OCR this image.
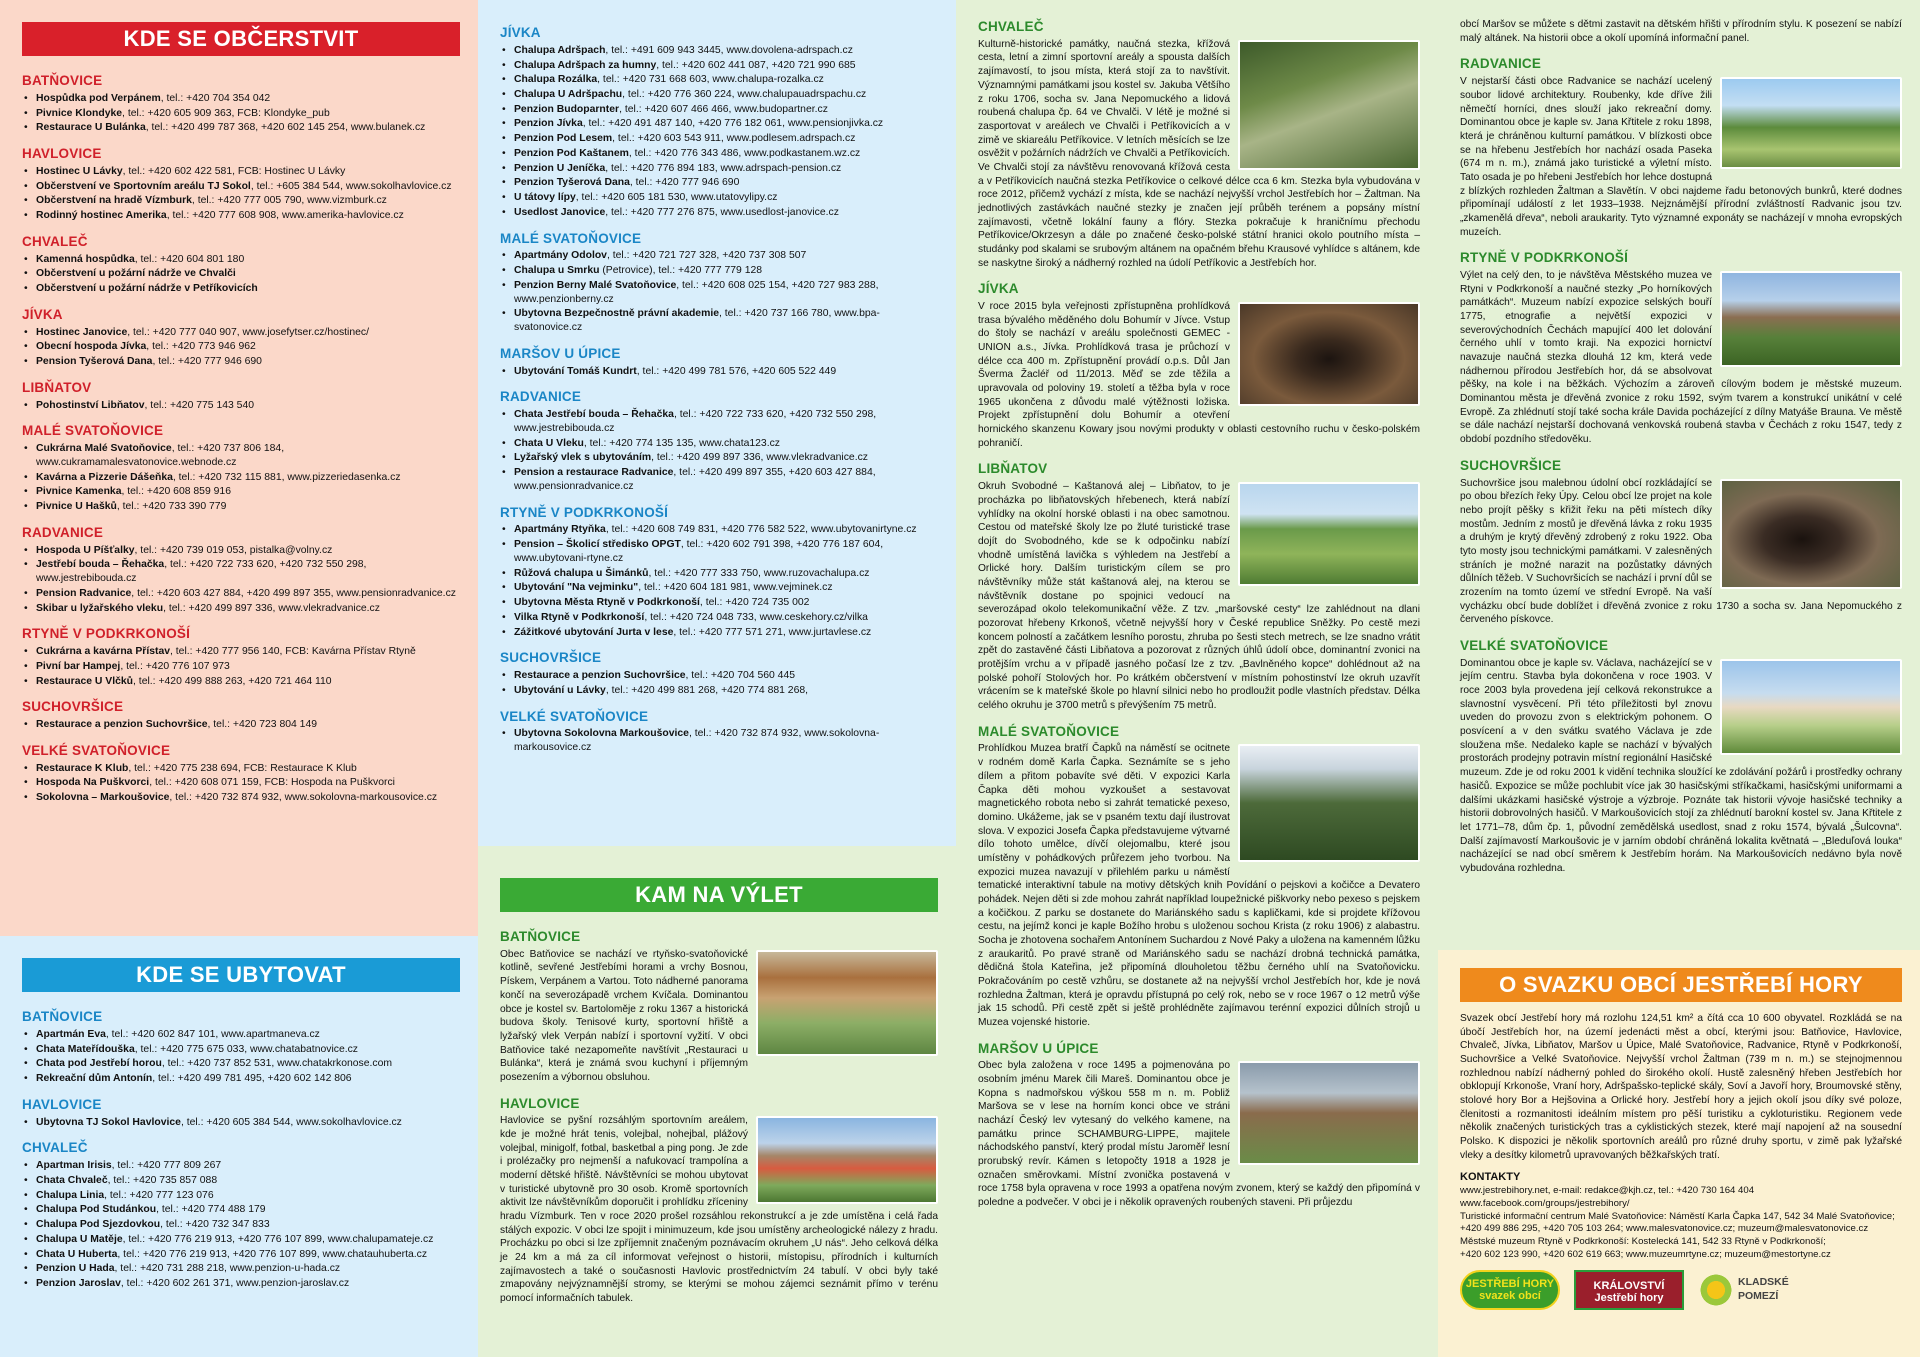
KDE SE OBČERSTVIT
BATŇOVICE
• Hospůdka pod Verpánem, tel.: +420 704 354 042
• Pivnice Klondyke, tel.: +420 605 909 363, FCB: Klondyke_pub
• Restaurace U Bulánka, tel.: +420 499 787 368, +420 602 145 254, www.bulanek.cz
HAVLOVICE
• Hostinec U Lávky, tel.: +420 602 422 581, FCB: Hostinec U Lávky
• Občerstvení ve Sportovním areálu TJ Sokol, tel.: +605 384 544, www.sokolhavlovice.cz
• Občerstvení na hradě Vízmburk, tel.: +420 777 005 790, www.vizmburk.cz
• Rodinný hostinec Amerika, tel.: +420 777 608 908, www.amerika-havlovice.cz
CHVALEČ
• Kamenná hospůdka, tel.: +420 604 801 180
• Občerstvení u požární nádrže ve Chvalči
• Občerstvení u požární nádrže v Petříkovicích
JÍVKA
• Hostinec Janovice, tel.: +420 777 040 907, www.josefytser.cz/hostinec/
• Obecní hospoda Jívka, tel.: +420 773 946 962
• Pension Tyšerová Dana, tel.: +420 777 946 690
LIBŇATOV
• Pohostinství Libňatov, tel.: +420 775 143 540
MALÉ SVATOŇOVICE
• Cukrárna Malé Svatoňovice, tel.: +420 737 806 184, www.cukramamalesvatonovice.webnode.cz
• Kavárna a Pizzerie Dášeňka, tel.: +420 732 115 881, www.pizzeriedasenka.cz
• Pivnice Kamenka, tel.: +420 608 859 916
• Pivnice U Hašků, tel.: +420 733 390 779
RADVANICE
• Hospoda U Píšťalky, tel.: +420 739 019 053, pistalka@volny.cz
• Jestřebí bouda – Řehačka, tel.: +420 722 733 620, +420 732 550 298, www.jestrebibouda.cz
• Pension Radvanice, tel.: +420 603 427 884, +420 499 897 355, www.pensionradvanice.cz
• Skibar u lyžařského vleku, tel.: +420 499 897 336, www.vlekradvanice.cz
RTYNĚ V PODKRKONOŠÍ
• Cukrárna a kavárna Přístav, tel.: +420 777 956 140, FCB: Kavárna Přístav Rtyně
• Pivní bar Hampej, tel.: +420 776 107 973
• Restaurace U Vlčků, tel.: +420 499 888 263, +420 721 464 110
SUCHOVRŠICE
• Restaurace a penzion Suchovršice, tel.: +420 723 804 149
VELKÉ SVATOŇOVICE
• Restaurace K Klub, tel.: +420 775 238 694, FCB: Restaurace K Klub
• Hospoda Na Puškvorci, tel.: +420 608 071 159, FCB: Hospoda na Puškvorci
• Sokolovna – Markoušovice, tel.: +420 732 874 932, www.sokolovna-markousovice.cz
KDE SE UBYTOVAT
BATŇOVICE
• Apartmán Eva, tel.: +420 602 847 101, www.apartmaneva.cz
• Chata Mateřídouška, tel.: +420 775 675 033, www.chatabatnovice.cz
• Chata pod Jestřebí horou, tel.: +420 737 852 531, www.chatakrkonose.com
• Rekreační dům Antonín, tel.: +420 499 781 495, +420 602 142 806
HAVLOVICE
• Ubytovna TJ Sokol Havlovice, tel.: +420 605 384 544, www.sokolhavlovice.cz
CHVALEČ
• Apartman Irisis, tel.: +420 777 809 267
• Chata Chvaleč, tel.: +420 735 857 088
• Chalupa Linia, tel.: +420 777 123 076
• Chalupa Pod Studánkou, tel.: +420 774 488 179
• Chalupa Pod Sjezdovkou, tel.: +420 732 347 833
• Chalupa U Matěje, tel.: +420 776 219 913, +420 776 107 899, www.chalupamateje.cz
• Chata U Huberta, tel.: +420 776 219 913, +420 776 107 899, www.chatauhuberta.cz
• Penzion U Hada, tel.: +420 731 288 218, www.penzion-u-hada.cz
• Penzion Jaroslav, tel.: +420 602 261 371, www.penzion-jaroslav.cz
JÍVKA
• Chalupa Adršpach, tel.: +491 609 943 3445, www.dovolena-adrspach.cz
• Chalupa Adršpach za humny, tel.: +420 602 441 087, +420 721 990 685
• Chalupa Rozálka, tel.: +420 731 668 603, www.chalupa-rozalka.cz
• Chalupa U Adršpachu, tel.: +420 776 360 224, www.chalupauadrspachu.cz
• Penzion Budoparnter, tel.: +420 607 466 466, www.budopartner.cz
• Penzion Jívka, tel.: +420 491 487 140, +420 776 182 061, www.pensionjivka.cz
• Penzion Pod Lesem, tel.: +420 603 543 911, www.podlesem.adrspach.cz
• Penzion Pod Kaštanem, tel.: +420 776 343 486, www.podkastanem.wz.cz
• Penzion U Jeníčka, tel.: +420 776 894 183, www.adrspach-pension.cz
• Penzion Tyšerová Dana, tel.: +420 777 946 690
• U tátovy lípy, tel.: +420 605 181 530, www.utatovylipy.cz
• Usedlost Janovice, tel.: +420 777 276 875, www.usedlost-janovice.cz
MALÉ SVATOŇOVICE
• Apartmány Odolov, tel.: +420 721 727 328, +420 737 308 507
• Chalupa u Smrku (Petrovice), tel.: +420 777 779 128
• Penzion Berny Malé Svatoňovice, tel.: +420 608 025 154, +420 727 983 288, www.penzionberny.cz
• Ubytovna Bezpečnostně právní akademie, tel.: +420 737 166 780, www.bpa-svatonovice.cz
MARŠOV U ÚPICE
• Ubytování Tomáš Kundrt, tel.: +420 499 781 576, +420 605 522 449
RADVANICE
• Chata Jestřebí bouda – Řehačka, tel.: +420 722 733 620, +420 732 550 298, www.jestrebibouda.cz
• Chata U Vleku, tel.: +420 774 135 135, www.chata123.cz
• Lyžařský vlek s ubytováním, tel.: +420 499 897 336, www.vlekradvanice.cz
• Pension a restaurace Radvanice, tel.: +420 499 897 355, +420 603 427 884, www.pensionradvanice.cz
RTYNĚ V PODKRKONOŠÍ
• Apartmány Rtyňka, tel.: +420 608 749 831, +420 776 582 522, www.ubytovanirtyne.cz
• Pension – Školicí středisko OPGT, tel.: +420 602 791 398, +420 776 187 604, www.ubytovani-rtyne.cz
• Růžová chalupa u Šimánků, tel.: +420 777 333 750, www.ruzovachalupa.cz
• Ubytování "Na vejminku", tel.: +420 604 181 981, www.vejminek.cz
• Ubytovna Města Rtyně v Podkrkonoší, tel.: +420 724 735 002
• Vilka Rtyně v Podkrkonoší, tel.: +420 724 048 733, www.ceskehory.cz/vilka
• Zážitkové ubytování Jurta v lese, tel.: +420 777 571 271, www.jurtavlese.cz
SUCHOVRŠICE
• Restaurace a penzion Suchovršice, tel.: +420 704 560 445
• Ubytování u Lávky, tel.: +420 499 881 268, +420 774 881 268,
VELKÉ SVATOŇOVICE
• Ubytovna Sokolovna Markoušovice, tel.: +420 732 874 932, www.sokolovna-markousovice.cz
KAM NA VÝLET
BATŇOVICE

Obec Batňovice se nachází ve rtyňsko-svatoňovické kotlině, sevřené Jestřebími horami a vrchy Bosnou, Pískem, Verpánem a Vartou. Toto nádherné panorama končí na severozápadě vrchem Kvíčala. Dominantou obce je kostel sv. Bartoloměje z roku 1367 a historická budova školy. Tenisové kurty, sportovní hřiště a lyžařský vlek Verpán nabízí i sportovní vyžití. V obci Batňovice také nezapomeňte navštívit „Restauraci u Bulánka“, která je známá svou kuchyní i příjemným posezením a výbornou obsluhou.

HAVLOVICE

Havlovice se pyšní rozsáhlým sportovním areálem, kde je možné hrát tenis, volejbal, nohejbal, plážový volejbal, minigolf, fotbal, basketbal a ping pong. Je zde i prolézačky pro nejmenší a nafukovací trampolína a moderní dětské hřiště. Návštěvníci se mohou ubytovat v turistické ubytovně pro 30 osob. Kromě sportovních aktivit lze návštěvníkům doporučit i prohlídku zříceniny hradu Vízmburk. Ten v roce 2020 prošel rozsáhlou rekonstrukcí a je zde umístěna i celá řada stálých expozic. V obci lze spojit i minimuzeum, kde jsou umístěny archeologické nálezy z hradu. Procházku po obci si lze zpříjemnit značeným poznávacím okruhem „U nás“. Jeho celková délka je 24 km a má za cíl informovat veřejnost o historii, místopisu, přírodních i kulturních zajímavostech a také o současnosti Havlovic prostřednictvím 24 tabulí. V obci byly také zmapovány nejvýznamnější stromy, se kterými se mohou zájemci seznámit přímo v terénu pomocí informačních tabulek.

CHVALEČ

Kulturně-historické památky, naučná stezka, křížová cesta, letní a zimní sportovní areály a spousta dalších zajímavostí, to jsou místa, která stojí za to navštívit. Významnými památkami jsou kostel sv. Jakuba Většího z roku 1706, socha sv. Jana Nepomuckého a lidová roubená chalupa čp. 64 ve Chvalči. V létě je možné si zasportovat v areálech ve Chvalči i Petříkovicích a v zimě ve skiareálu Petříkovice. V letních měsících se lze osvěžit v požárních nádržích ve Chvalči a Petříkovicích. Ve Chvalči stojí za návštěvu renovovaná křížová cesta a v Petříkovicích naučná stezka Petříkovice o celkové délce cca 6 km. Stezka byla vybudována v roce 2012, přičemž vychází z místa, kde se nachází nejvyšší vrchol Jestřebích hor – Žaltman. Na jednotlivých zastávkách naučné stezky je značen její průběh terénem a popsány místní zajímavosti, včetně lokální fauny a flóry. Stezka pokračuje k hraničnímu přechodu Petříkovice/Okrzesyn a dále po značené česko-polské státní hranici okolo poutního místa – studánky pod skalami se srubovým altánem na opačném břehu Krausové vyhlídce s altánem, kde se naskytne široký a nádherný rozhled na údolí Petříkovic a Jestřebích hor.

JÍVKA

V roce 2015 byla veřejnosti zpřístupněna prohlídková trasa bývalého měděného dolu Bohumír v Jívce. Vstup do štoly se nachází v areálu společnosti GEMEC - UNION a.s., Jívka. Prohlídková trasa je průchozí v délce cca 400 m. Zpřístupnění provádí o.p.s. Důl Jan Šverma Žacléř od 11/2013. Měď se zde těžila a upravovala od poloviny 19. století a těžba byla v roce 1965 ukončena z důvodu malé výtěžnosti ložiska. Projekt zpřístupnění dolu Bohumír a otevření hornického skanzenu Kowary jsou novými produkty v oblasti cestovního ruchu v česko-polském pohraničí.

LIBŇATOV

Okruh Svobodné – Kaštanová alej – Libňatov, to je procházka po libňatovských hřebenech, která nabízí vyhlídky na okolní horské oblasti i na obec samotnou. Cestou od mateřské školy lze po žluté turistické trase dojít do Svobodného, kde se k odpočinku nabízí vhodně umístěná lavička s výhledem na Jestřebí a Orlické hory. Dalším turistickým cílem se pro návštěvníky může stát kaštanová alej, na kterou se návštěvník dostane po spojnici vedoucí na severozápad okolo telekomunikační věže. Z tzv. „maršovské cesty“ lze zahlédnout na dlani pozorovat hřebeny Krkonoš, včetně nejvyšší hory v České republice Sněžky. Po cestě mezi koncem polností a začátkem lesního porostu, zhruba po šesti stech metrech, se lze snadno vrátit zpět do zastavěné části Libňatova a pozorovat z různých úhlů údolí obce, dominantní zvonici na protějším vrchu a v případě jasného počasí lze z tzv. „Bavlněného kopce“ dohlédnout až na polské pohoří Stolových hor. Po krátkém občerstvení v místním pohostinství lze okruh uzavřít vrácením se k mateřské škole po hlavní silnici nebo ho prodloužit podle vlastních představ. Délka celého okruhu je 3700 metrů s převýšením 75 metrů.

MALÉ SVATOŇOVICE

Prohlídkou Muzea bratří Čapků na náměstí se ocitnete v rodném domě Karla Čapka. Seznámíte se s jeho dílem a přitom pobavíte své děti. V expozici Karla Čapka děti mohou vyzkoušet a sestavovat magnetického robota nebo si zahrát tematické pexeso, domino. Ukážeme, jak se v psaném textu dají ilustrovat slova. V expozici Josefa Čapka představujeme výtvarné dílo tohoto umělce, dívčí olejomalbu, které jsou umístěny v pohádkových průřezem jeho tvorbou. Na expozici muzea navazují v přilehlém parku u náměstí tematické interaktivní tabule na motivy dětských knih Povídání o pejskovi a kočičce a Devatero pohádek. Nejen děti si zde mohou zahrát například loupežnické piškvorky nebo pexeso s pejskem a kočičkou. Z parku se dostanete do Mariánského sadu s kapličkami, kde si projdete křížovou cestu, na jejímž konci je kaple Božího hrobu s uloženou sochou Krista (z roku 1906) z alabastru. Socha je zhotovena sochařem Antonínem Suchardou z Nové Paky a uložena na kamenném lůžku z araukaritů. Po pravé straně od Mariánského sadu se nachází drobná technická památka, dědičná štola Kateřina, jež připomíná dlouholetou těžbu černého uhlí na Svatoňovicku. Pokračováním po cestě vzhůru, se dostanete až na nejvyšší vrchol Jestřebích hor, kde je nová rozhledna Žaltman, která je opravdu přístupná po celý rok, nebo se v roce 1967 o 12 metrů výše jak 15 schodů. Při cestě zpět si ještě prohlédněte zajímavou terénní expozici důlních strojů u Muzea vojenské historie.

MARŠOV U ÚPICE

Obec byla založena v roce 1495 a pojmenována po osobním jménu Marek čili Mareš. Dominantou obce je Kopna s nadmořskou výškou 558 m n. m. Pobliž Maršova se v lese na horním konci obce ve stráni nachází Český lev vytesaný do velkého kamene, na památku prince SCHAMBURG-LIPPE, majitele náchodského panství, který prodal místu Jaroměř lesní prorubský revír. Kámen s letopočty 1918 a 1928 je označen směrovkami. Místní zvonička postavená v roce 1758 byla opravena v roce 1993 a opatřena novým zvonem, který se každý den připomíná v poledne a podvečer. V obci je i několik opravených roubených staveni. Při průjezdu

obcí Maršov se můžete s dětmi zastavit na dětském hřišti v přírodním stylu. K posezení se nabízí malý altánek. Na historii obce a okolí upomíná informační panel.

RADVANICE

V nejstarší části obce Radvanice se nachází ucelený soubor lidové architektury. Roubenky, kde dříve žili němečtí horníci, dnes slouží jako rekreační domy. Dominantou obce je kaple sv. Jana Křtitele z roku 1898, která je chráněnou kulturní památkou. V blízkosti obce se na hřebenu Jestřebích hor nachází osada Paseka (674 m n. m.), známá jako turistické a výletní místo. Tato osada je po hřebeni Jestřebích hor lehce dostupná z blízkých rozhleden Žaltman a Slavětín. V obci najdeme řadu betonových bunkrů, které dodnes připomínají událostí z let 1933–1938. Nejznámější přírodní zvláštností Radvanic jsou tzv. „zkamenělá dřeva“, neboli araukarity. Tyto významné exponáty se nacházejí v mnoha evropských muzeích.

RTYNĚ V PODKRKONOŠÍ

Výlet na celý den, to je návštěva Městského muzea ve Rtyni v Podkrkonoší a naučné stezky „Po horníkových památkách“. Muzeum nabízí expozice selských bouří 1775, etnografie a největší expozici v severovýchodních Čechách mapující 400 let dolování černého uhlí v tomto kraji. Na expozici hornictví navazuje naučná stezka dlouhá 12 km, která vede nádhernou přírodou Jestřebích hor, dá se absolvovat pěšky, na kole i na běžkách. Výchozím a zároveň cílovým bodem je městské muzeum. Dominantou města je dřevěná zvonice z roku 1592, svým tvarem a konstrukcí unikátní v celé Evropě. Za zhlédnutí stojí také socha krále Davida pocházející z dílny Matyáše Brauna. Ve městě se dále nachází nejstarší dochovaná venkovská roubená stavba v Čechách z roku 1547, tedy z období pozdního středověku.

SUCHOVRŠICE

Suchovršice jsou malebnou údolní obcí rozkládající se po obou březích řeky Úpy. Celou obcí lze projet na kole nebo projít pěšky s křižit řeku na pěti místech díky mostům. Jedním z mostů je dřevěná lávka z roku 1935 a druhým je krytý dřevěný zdrobený z roku 1922. Oba tyto mosty jsou technickými památkami. V zalesněných stráních je možné narazit na pozůstatky dávných důlních těžeb. V Suchovršicích se nachází i první důl se zrozením na tomto území ve střední Evropě. Na vaší vycházku obcí bude doblížet i dřevěná zvonice z roku 1730 a socha sv. Jana Nepomuckého z červeného pískovce.

VELKÉ SVATOŇOVICE

Dominantou obce je kaple sv. Václava, nacházející se v jejím centru. Stavba byla dokončena v roce 1903. V roce 2003 byla provedena její celková rekonstrukce a slavnostní vysvěcení. Při této příležitosti byl znovu uveden do provozu zvon s elektrickým pohonem. O posvícení a v den svátku svatého Václava je zde sloužena mše. Nedaleko kaple se nachází v bývalých prostorách prodejny potravin místní regionální Hasičské muzeum. Zde je od roku 2001 k vidění technika sloužící ke zdolávání požárů i prostředky ochrany hasičů. Expozice se může pochlubit více jak 30 hasičskými stříkačkami, hasičskými uniformami a dalšími ukázkami hasičské výstroje a výzbroje. Poznáte tak historii vývoje hasičské techniky a historii dobrovolných hasičů. V Markoušovicích stojí za zhlédnutí barokní kostel sv. Jana Křtitele z let 1771–78, dům čp. 1, původní zemědělská usedlost, snad z roku 1574, bývalá „Šulcovna“. Další zajímavostí Markoušovic je v jarním období chráněná lokalita květnatá – „Bleduľová louka“ nacházející se nad obcí směrem k Jestřebím horám. Na Markoušovicích nedávno byla nově vybudována rozhledna.

O SVAZKU OBCÍ JESTŘEBÍ HORY

Svazek obcí Jestřebí hory má rozlohu 124,51 km² a čítá cca 10 600 obyvatel. Rozkládá se na úbočí Jestřebích hor, na území jedenácti měst a obcí, kterými jsou: Batňovice, Havlovice, Chvaleč, Jívka, Libňatov, Maršov u Úpice, Malé Svatoňovice, Radvanice, Rtyně v Podkrkonoší, Suchovršice a Velké Svatoňovice. Nejvyšší vrchol Žaltman (739 m n. m.) se stejnojmennou rozhlednou nabízí nádherný pohled do širokého okolí. Hustě zalesněný hřeben Jestřebích hor obklopují Krkonoše, Vraní hory, Adršpašsko-teplické skály, Soví a Javoří hory, Broumovské stěny, stolové hory Bor a Hejšovina a Orlické hory. Jestřebí hory a jejich okolí jsou díky své poloze, členitosti a rozmanitosti ideálním místem pro pěší turistiku a cykloturistiku. Regionem vede několik značených turistických tras a cyklistických stezek, které mají napojení až na sousední Polsko. K dispozici je několik sportovních areálů pro různé druhy sportu, v zimě pak lyžařské vleky a desítky kilometrů upravovaných běžkařských tratí.

KONTAKTY
www.jestrebihory.net, e-mail: redakce@kjh.cz, tel.: +420 730 164 404
www.facebook.com/groups/jestrebihory/
Turistické informační centrum Malé Svatoňovice: Náměstí Karla Čapka 147, 542 34 Malé Svatoňovice;
+420 499 886 295, +420 705 103 264; www.malesvatonovice.cz; muzeum@malesvatonovice.cz
Městské muzeum Rtyně v Podkrkonoší: Kostelecká 141, 542 33 Rtyně v Podkrkonoší;
+420 602 123 990, +420 602 619 663; www.muzeumrtyne.cz; muzeum@mestortyne.cz
JESTŘEBÍ HORY svazek obcí
KRÁLOVSTVÍ Jestřebí hory
KLADSKÉ POMEZÍ
